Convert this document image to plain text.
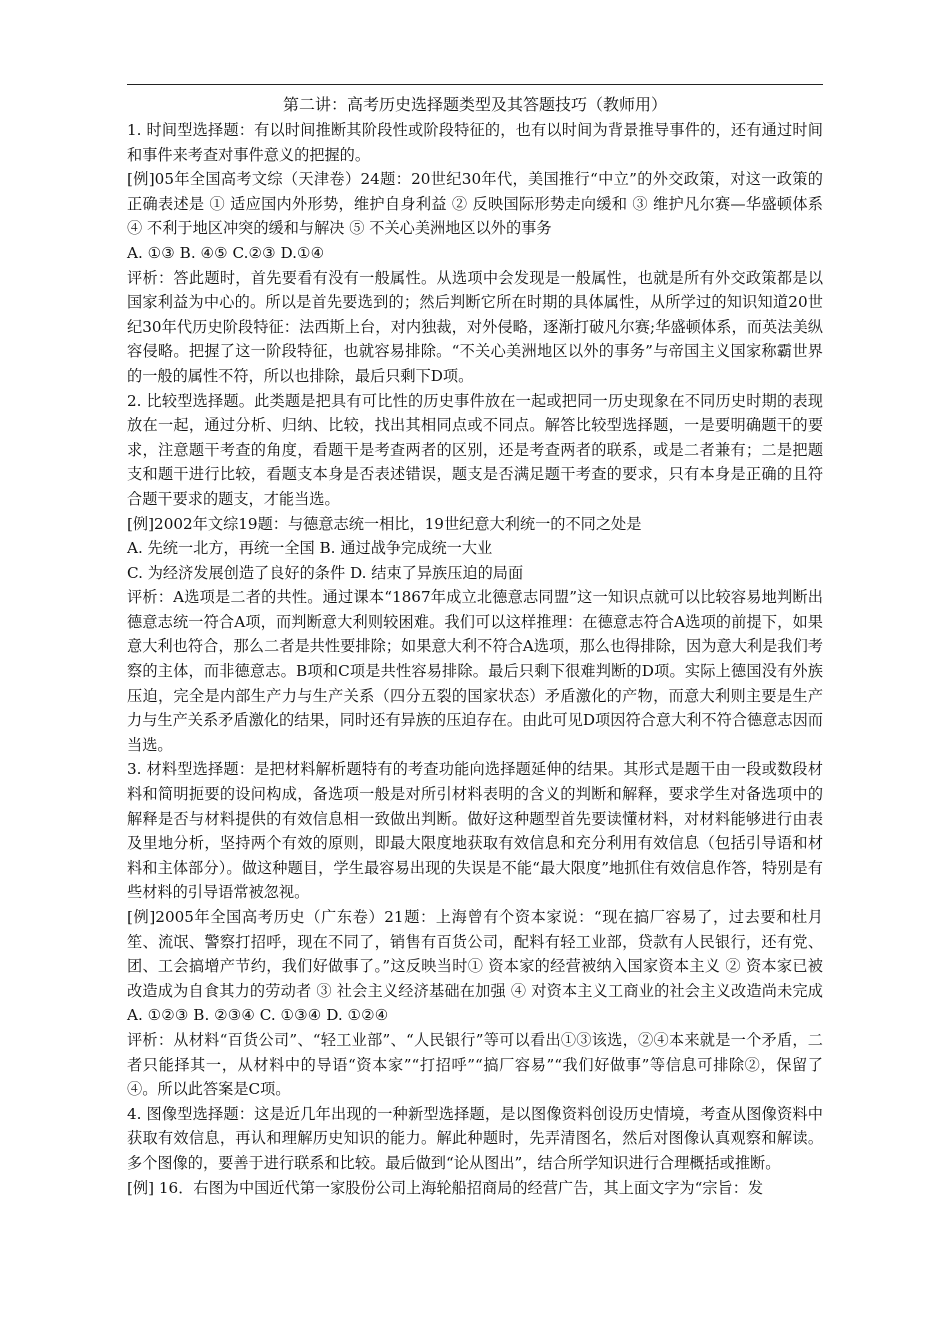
第二讲：高考历史选择题类型及其答题技巧（教师用）

1. 时间型选择题：有以时间推断其阶段性或阶段特征的，也有以时间为背景推导事件的，还有通过时间和事件来考查对事件意义的把握的。

[例]05年全国高考文综（天津卷）24题：20世纪30年代，美国推行“中立”的外交政策，对这一政策的正确表述是 ① 适应国内外形势，维护自身利益 ② 反映国际形势走向缓和 ③ 维护凡尔赛—华盛顿体系 ④ 不利于地区冲突的缓和与解决 ⑤ 不关心美洲地区以外的事务

A. ①③ B. ④⑤ C.②③ D.①④

评析：答此题时，首先要看有没有一般属性。从选项中会发现是一般属性，也就是所有外交政策都是以国家利益为中心的。所以是首先要选到的；然后判断它所在时期的具体属性，从所学过的知识知道20世纪30年代历史阶段特征：法西斯上台，对内独裁，对外侵略，逐渐打破凡尔赛;华盛顿体系，而英法美纵容侵略。把握了这一阶段特征，也就容易排除。“不关心美洲地区以外的事务”与帝国主义国家称霸世界的一般的属性不符，所以也排除，最后只剩下D项。

2. 比较型选择题。此类题是把具有可比性的历史事件放在一起或把同一历史现象在不同历史时期的表现放在一起，通过分析、归纳、比较，找出其相同点或不同点。解答比较型选择题，一是要明确题干的要求，注意题干考查的角度，看题干是考查两者的区别，还是考查两者的联系，或是二者兼有；二是把题支和题干进行比较，看题支本身是否表述错误，题支是否满足题干考查的要求，只有本身是正确的且符合题干要求的题支，才能当选。

[例]2002年文综19题：与德意志统一相比，19世纪意大利统一的不同之处是

A. 先统一北方，再统一全国 B. 通过战争完成统一大业

C. 为经济发展创造了良好的条件 D. 结束了异族压迫的局面

评析：A选项是二者的共性。通过课本“1867年成立北德意志同盟”这一知识点就可以比较容易地判断出德意志统一符合A项，而判断意大利则较困难。我们可以这样推理：在德意志符合A选项的前提下，如果意大利也符合，那么二者是共性要排除；如果意大利不符合A选项，那么也得排除，因为意大利是我们考察的主体，而非德意志。B项和C项是共性容易排除。最后只剩下很难判断的D项。实际上德国没有外族压迫，完全是内部生产力与生产关系（四分五裂的国家状态）矛盾激化的产物，而意大利则主要是生产力与生产关系矛盾激化的结果，同时还有异族的压迫存在。由此可见D项因符合意大利不符合德意志因而当选。

3. 材料型选择题：是把材料解析题特有的考查功能向选择题延伸的结果。其形式是题干由一段或数段材料和简明扼要的设问构成，备选项一般是对所引材料表明的含义的判断和解释，要求学生对备选项中的解释是否与材料提供的有效信息相一致做出判断。做好这种题型首先要读懂材料，对材料能够进行由表及里地分析，坚持两个有效的原则，即最大限度地获取有效信息和充分利用有效信息（包括引导语和材料和主体部分）。做这种题目，学生最容易出现的失误是不能“最大限度”地抓住有效信息作答，特别是有些材料的引导语常被忽视。

[例]2005年全国高考历史（广东卷）21题：上海曾有个资本家说：“现在搞厂容易了，过去要和杜月笙、流氓、警察打招呼，现在不同了，销售有百货公司，配料有轻工业部，贷款有人民银行，还有党、团、工会搞增产节约，我们好做事了。”这反映当时① 资本家的经营被纳入国家资本主义 ② 资本家已被改造成为自食其力的劳动者 ③ 社会主义经济基础在加强 ④ 对资本主义工商业的社会主义改造尚未完成 A. ①②③ B. ②③④ C. ①③④ D. ①②④

评析：从材料“百货公司”、“轻工业部”、“人民银行”等可以看出①③该选，②④本来就是一个矛盾，二者只能择其一，从材料中的导语“资本家”“打招呼”“搞厂容易”“我们好做事”等信息可排除②，保留了④。所以此答案是C项。

4. 图像型选择题：这是近几年出现的一种新型选择题，是以图像资料创设历史情境，考查从图像资料中获取有效信息，再认和理解历史知识的能力。解此种题时，先弄清图名，然后对图像认真观察和解读。多个图像的，要善于进行联系和比较。最后做到“论从图出”，结合所学知识进行合理概括或推断。

[例] 16．右图为中国近代第一家股份公司上海轮船招商局的经营广告，其上面文字为“宗旨：发
